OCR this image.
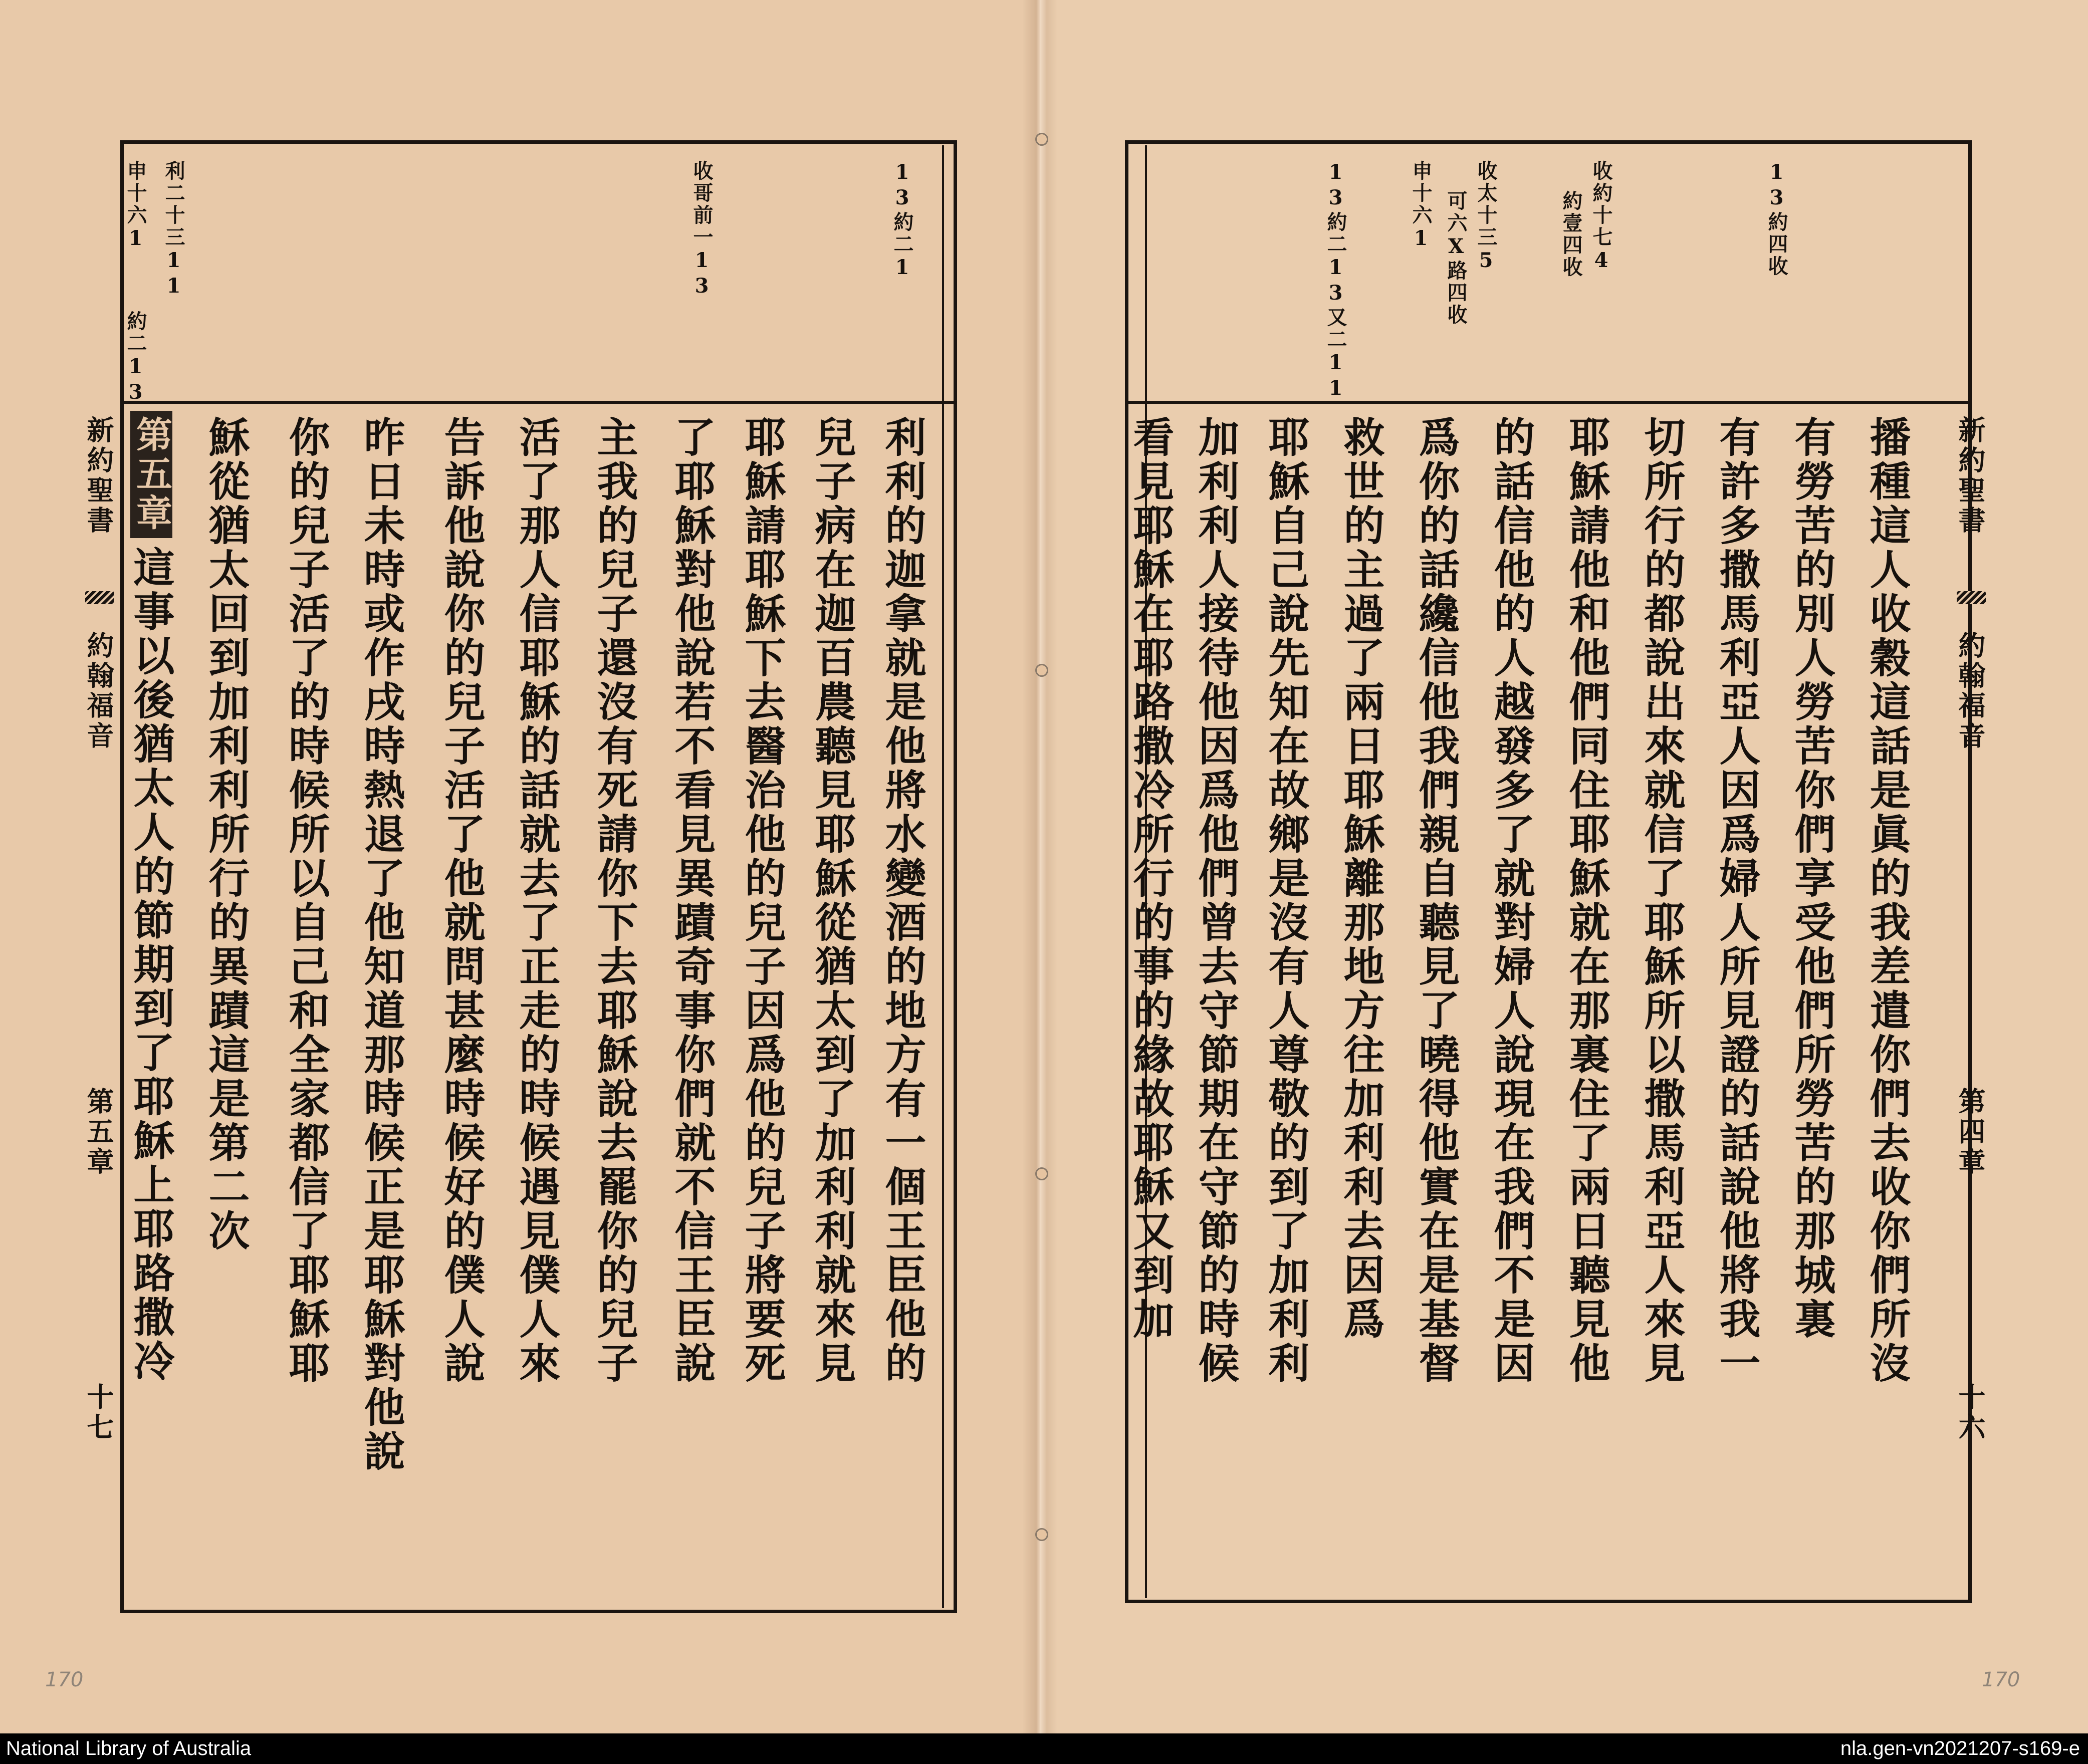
利二十三11
申十六1
約二13
收哥前一13	13約二1
新約聖書
約翰福音
第五章
十七
利利的迦拿就是他將水變酒的地方有一個王臣他的
兒子病在迦百農聽見耶穌從猶太到了加利利就來見
耶穌請耶穌下去醫治他的兒子因爲他的兒子將要死
了耶穌對他說若不看見異蹟奇事你們就不信王臣說
主我的兒子還沒有死請你下去耶穌說去罷你的兒子
活了那人信耶穌的話就去了正走的時候遇見僕人來
告訴他說你的兒子活了他就問甚麼時候好的僕人說
昨日未時或作戌時熱退了他知道那時候正是耶穌對他說
你的兒子活了的時候所以自己和全家都信了耶穌耶
穌從猶太回到加利利所行的異蹟這是第二次
第五章
這事以後猶太人的節期到了耶穌上耶路撒冷
170
13約四收
收約十七4
約壹四收
收太十三5
可六X路四收
申十六1
13約二13又二11
播種這人收穀這話是眞的我差遣你們去收你們所沒
有勞苦的別人勞苦你們享受他們所勞苦的那城裏
有許多撒馬利亞人因爲婦人所見證的話說他將我一
切所行的都說出來就信了耶穌所以撒馬利亞人來見
耶穌請他和他們同住耶穌就在那裏住了兩日聽見他
的話信他的人越發多了就對婦人說現在我們不是因
爲你的話纔信他我們親自聽見了曉得他實在是基督
救世的主過了兩日耶穌離那地方往加利利去因爲
耶穌自己說先知在故鄉是沒有人尊敬的到了加利利
加利利人接待他因爲他們曾去守節期在守節的時候
看見耶穌在耶路撒冷所行的事的緣故耶穌又到加	新約聖書
約翰福音
第四章
十六
170
National Library of Australia	nla.gen-vn2021207-s169-e
